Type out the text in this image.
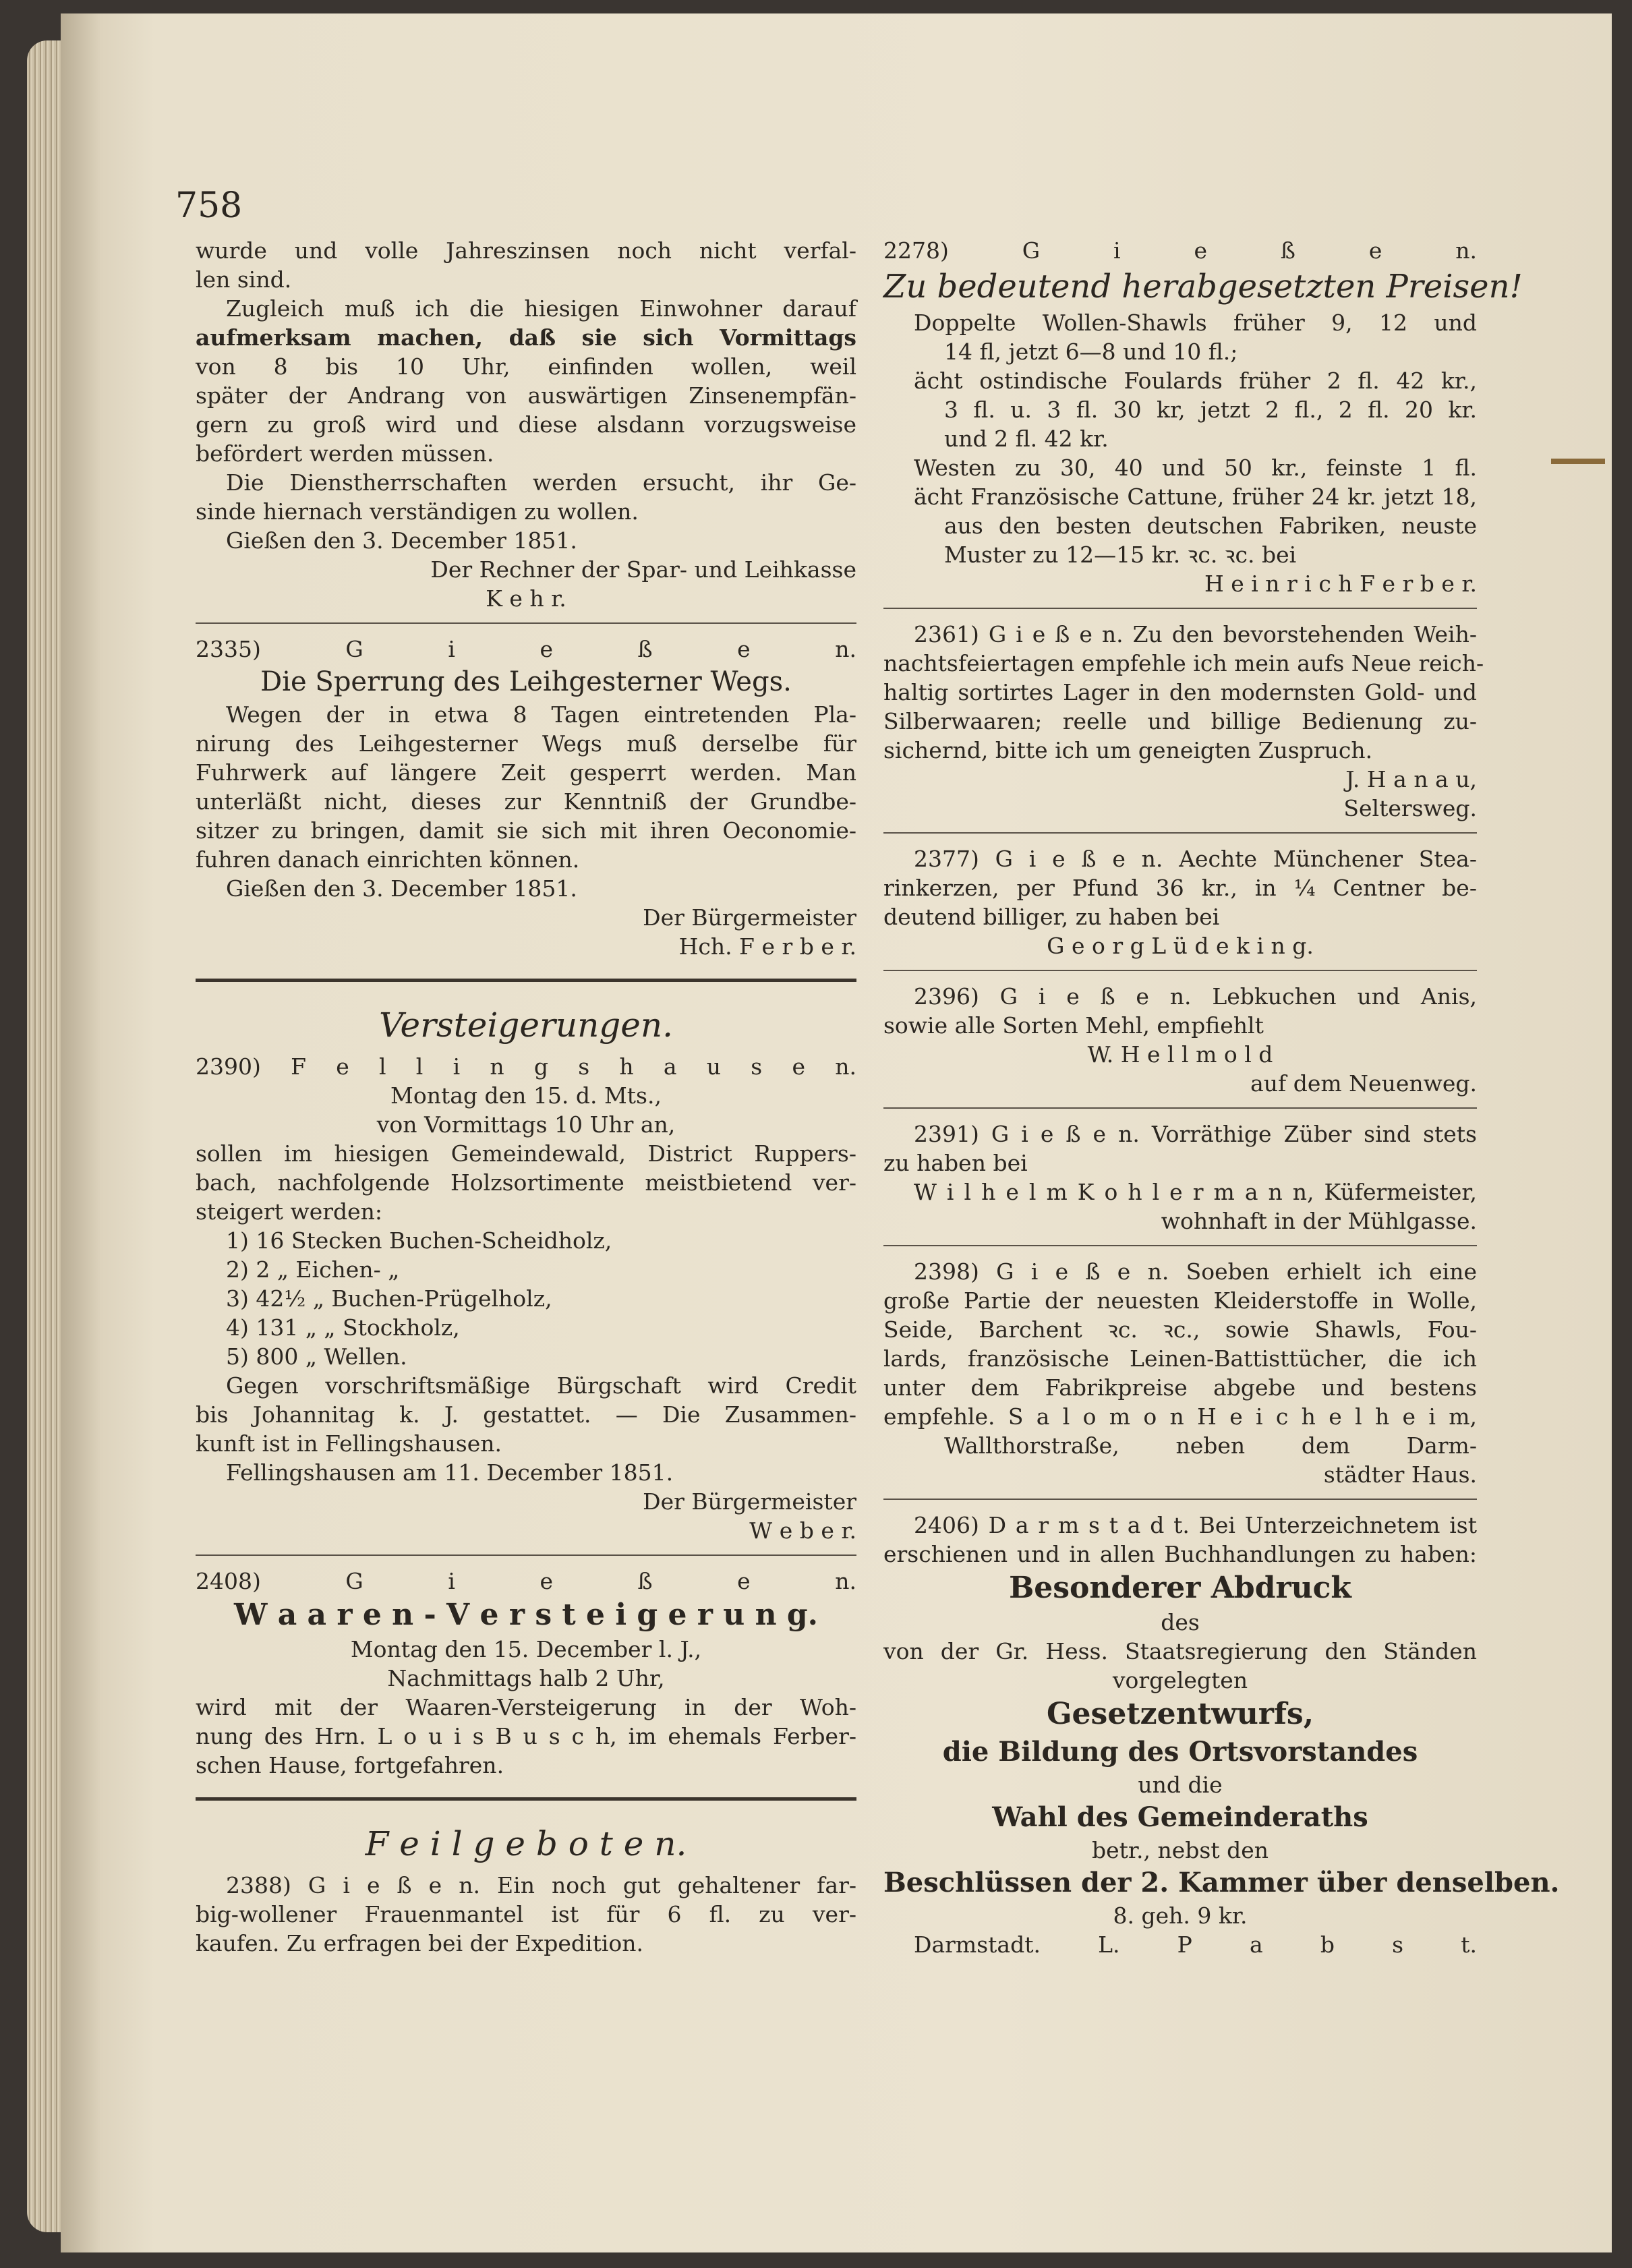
758
wurde und volle Jahreszinsen noch nicht verfal-
len sind.
Zugleich muß ich die hiesigen Einwohner darauf
aufmerksam machen, daß sie sich Vormittags
von 8 bis 10 Uhr, einfinden wollen, weil
später der Andrang von auswärtigen Zinsenempfän-
gern zu groß wird und diese alsdann vorzugsweise
befördert werden müssen.
Die Dienstherrschaften werden ersucht, ihr Ge-
sinde hiernach verständigen zu wollen.
Gießen den 3. December 1851.
Der Rechner der Spar- und Leihkasse
K e h r.
2335) G i e ß e n.
Die Sperrung des Leihgesterner Wegs.
Wegen der in etwa 8 Tagen eintretenden Pla-
nirung des Leihgesterner Wegs muß derselbe für
Fuhrwerk auf längere Zeit gesperrt werden. Man
unterläßt nicht, dieses zur Kenntniß der Grundbe-
sitzer zu bringen, damit sie sich mit ihren Oeconomie-
fuhren danach einrichten können.
Gießen den 3. December 1851.
Der Bürgermeister
Hch. F e r b e r.
Versteigerungen.
2390) F e l l i n g s h a u s e n.
Montag den 15. d. Mts.,
von Vormittags 10 Uhr an,
sollen im hiesigen Gemeindewald, District Ruppers-
bach, nachfolgende Holzsortimente meistbietend ver-
steigert werden:
1) 16 Stecken Buchen-Scheidholz,
2) 2 „ Eichen- „
3) 42½ „ Buchen-Prügelholz,
4) 131 „ „ Stockholz,
5) 800 „ Wellen.
Gegen vorschriftsmäßige Bürgschaft wird Credit
bis Johannitag k. J. gestattet. — Die Zusammen-
kunft ist in Fellingshausen.
Fellingshausen am 11. December 1851.
Der Bürgermeister
W e b e r.
2408) G i e ß e n.
W a a r e n - V e r s t e i g e r u n g.
Montag den 15. December l. J.,
Nachmittags halb 2 Uhr,
wird mit der Waaren-Versteigerung in der Woh-
nung des Hrn. L o u i s B u s c h, im ehemals Ferber-
schen Hause, fortgefahren.
F e i l g e b o t e n.
2388) G i e ß e n. Ein noch gut gehaltener far-
big-wollener Frauenmantel ist für 6 fl. zu ver-
kaufen. Zu erfragen bei der Expedition.
2278) G i e ß e n.
Zu bedeutend herabgesetzten Preisen!
Doppelte Wollen-Shawls früher 9, 12 und
14 fl, jetzt 6—8 und 10 fl.;
ächt ostindische Foulards früher 2 fl. 42 kr.,
3 fl. u. 3 fl. 30 kr, jetzt 2 fl., 2 fl. 20 kr.
und 2 fl. 42 kr.
Westen zu 30, 40 und 50 kr., feinste 1 fl.
ächt Französische Cattune, früher 24 kr. jetzt 18,
aus den besten deutschen Fabriken, neuste
Muster zu 12—15 kr. ꝛc. ꝛc. bei
H e i n r i c h F e r b e r.
2361) G i e ß e n. Zu den bevorstehenden Weih-
nachtsfeiertagen empfehle ich mein aufs Neue reich-
haltig sortirtes Lager in den modernsten Gold- und
Silberwaaren; reelle und billige Bedienung zu-
sichernd, bitte ich um geneigten Zuspruch.
J. H a n a u,
Seltersweg.
2377) G i e ß e n. Aechte Münchener Stea-
rinkerzen, per Pfund 36 kr., in ¼ Centner be-
deutend billiger, zu haben bei
G e o r g L ü d e k i n g.
2396) G i e ß e n. Lebkuchen und Anis,
sowie alle Sorten Mehl, empfiehlt
W. H e l l m o l d
auf dem Neuenweg.
2391) G i e ß e n. Vorräthige Züber sind stets
zu haben bei
W i l h e l m K o h l e r m a n n, Küfermeister,
wohnhaft in der Mühlgasse.
2398) G i e ß e n. Soeben erhielt ich eine
große Partie der neuesten Kleiderstoffe in Wolle,
Seide, Barchent ꝛc. ꝛc., sowie Shawls, Fou-
lards, französische Leinen-Battisttücher, die ich
unter dem Fabrikpreise abgebe und bestens
empfehle. S a l o m o n H e i c h e l h e i m,
Wallthorstraße, neben dem Darm-
städter Haus.
2406) D a r m s t a d t. Bei Unterzeichnetem ist
erschienen und in allen Buchhandlungen zu haben:
Besonderer Abdruck
des
von der Gr. Hess. Staatsregierung den Ständen
vorgelegten
Gesetzentwurfs,
die Bildung des Ortsvorstandes
und die
Wahl des Gemeinderaths
betr., nebst den
Beschlüssen der 2. Kammer über denselben.
8. geh. 9 kr.
Darmstadt. L. P a b s t.
